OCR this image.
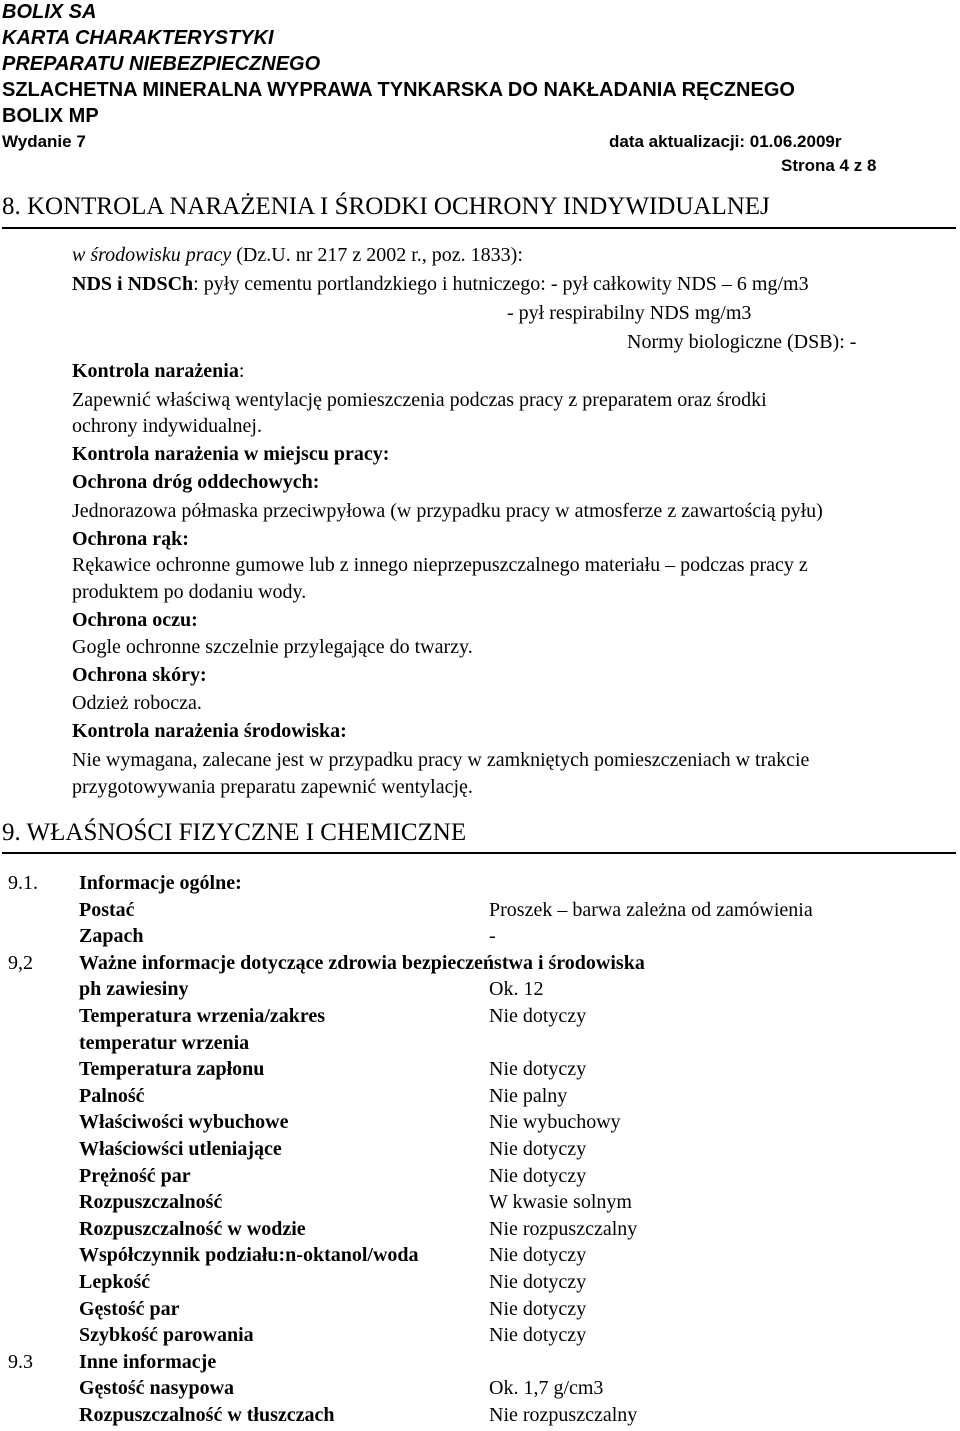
BOLIX SA
KARTA CHARAKTERYSTYKI
PREPARATU NIEBEZPIECZNEGO
SZLACHETNA MINERALNA WYPRAWA TYNKARSKA DO NAKŁADANIA RĘCZNEGO
BOLIX MP
Wydanie 7	data aktualizacji: 01.06.2009r
Strona 4 z 8
8. KONTROLA NARAŻENIA I ŚRODKI OCHRONY INDYWIDUALNEJ
w środowisku pracy (Dz.U. nr 217 z 2002 r., poz. 1833):
NDS i NDSCh: pyły cementu portlandzkiego i hutniczego: - pył całkowity NDS – 6 mg/m3
- pył respirabilny NDS mg/m3
Normy biologiczne (DSB): -
Kontrola narażenia:
Zapewnić właściwą wentylację pomieszczenia podczas pracy z preparatem oraz środki
ochrony indywidualnej.
Kontrola narażenia w miejscu pracy:
Ochrona dróg oddechowych:
Jednorazowa półmaska przeciwpyłowa (w przypadku pracy w atmosferze z zawartością pyłu)
Ochrona rąk:
Rękawice ochronne gumowe lub z innego nieprzepuszczalnego materiału – podczas pracy z
produktem po dodaniu wody.
Ochrona oczu:
Gogle ochronne szczelnie przylegające do twarzy.
Ochrona skóry:
Odzież robocza.
Kontrola narażenia środowiska:
Nie wymagana, zalecane jest w przypadku pracy w zamkniętych pomieszczeniach w trakcie
przygotowywania preparatu zapewnić wentylację.
9. WŁAŚNOŚCI FIZYCZNE I CHEMICZNE
9.1. Informacje ogólne:
Postać	Proszek – barwa zależna od zamówienia
Zapach	-
9,2 Ważne informacje dotyczące zdrowia bezpieczeństwa i środowiska
ph zawiesiny	Ok. 12
Temperatura wrzenia/zakres	Nie dotyczy
temperatur wrzenia
Temperatura zapłonu	Nie dotyczy
Palność	Nie palny
Właściwości wybuchowe	Nie wybuchowy
Właściowści utleniające	Nie dotyczy
Prężność par	Nie dotyczy
Rozpuszczalność	W kwasie solnym
Rozpuszczalność w wodzie	Nie rozpuszczalny
Współczynnik podziału:n-oktanol/woda	Nie dotyczy
Lepkość	Nie dotyczy
Gęstość par	Nie dotyczy
Szybkość parowania	Nie dotyczy
9.3 Inne informacje
Gęstość nasypowa	Ok. 1,7 g/cm3
Rozpuszczalność w tłuszczach	Nie rozpuszczalny
